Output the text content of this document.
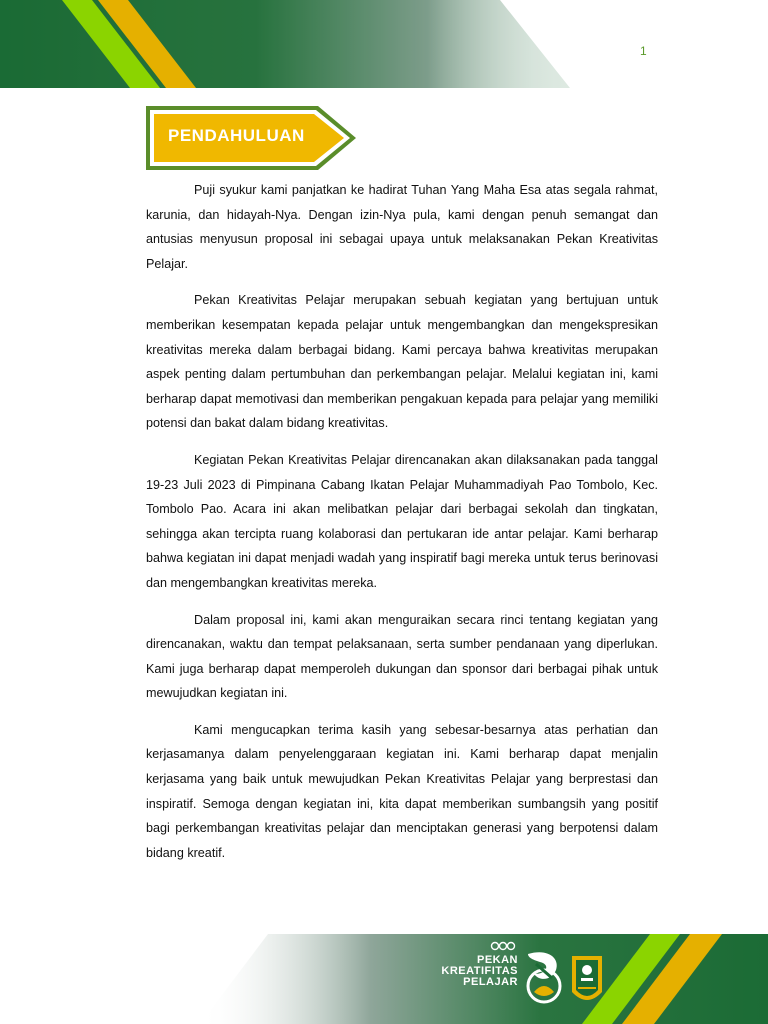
1
PENDAHULUAN

Puji syukur kami panjatkan ke hadirat Tuhan Yang Maha Esa atas segala rahmat, karunia, dan hidayah-Nya. Dengan izin-Nya pula, kami dengan penuh semangat dan antusias menyusun proposal ini sebagai upaya untuk melaksanakan Pekan Kreativitas Pelajar.

Pekan Kreativitas Pelajar merupakan sebuah kegiatan yang bertujuan untuk memberikan kesempatan kepada pelajar untuk mengembangkan dan mengekspresikan kreativitas mereka dalam berbagai bidang. Kami percaya bahwa kreativitas merupakan aspek penting dalam pertumbuhan dan perkembangan pelajar. Melalui kegiatan ini, kami berharap dapat memotivasi dan memberikan pengakuan kepada para pelajar yang memiliki potensi dan bakat dalam bidang kreativitas.

Kegiatan Pekan Kreativitas Pelajar direncanakan akan dilaksanakan pada tanggal 19-23 Juli 2023 di Pimpinana Cabang Ikatan Pelajar Muhammadiyah Pao Tombolo, Kec. Tombolo Pao. Acara ini akan melibatkan pelajar dari berbagai sekolah dan tingkatan, sehingga akan tercipta ruang kolaborasi dan pertukaran ide antar pelajar. Kami berharap bahwa kegiatan ini dapat menjadi wadah yang inspiratif bagi mereka untuk terus berinovasi dan mengembangkan kreativitas mereka.

Dalam proposal ini, kami akan menguraikan secara rinci tentang kegiatan yang direncanakan, waktu dan tempat pelaksanaan, serta sumber pendanaan yang diperlukan. Kami juga berharap dapat memperoleh dukungan dan sponsor dari berbagai pihak untuk mewujudkan kegiatan ini.

Kami mengucapkan terima kasih yang sebesar-besarnya atas perhatian dan kerjasamanya dalam penyelenggaraan kegiatan ini. Kami berharap dapat menjalin kerjasama yang baik untuk mewujudkan Pekan Kreativitas Pelajar yang berprestasi dan inspiratif. Semoga dengan kegiatan ini, kita dapat memberikan sumbangsih yang positif bagi perkembangan kreativitas pelajar dan menciptakan generasi yang berpotensi dalam bidang kreatif.

PEKAN
KREATIFITAS
PELAJAR
